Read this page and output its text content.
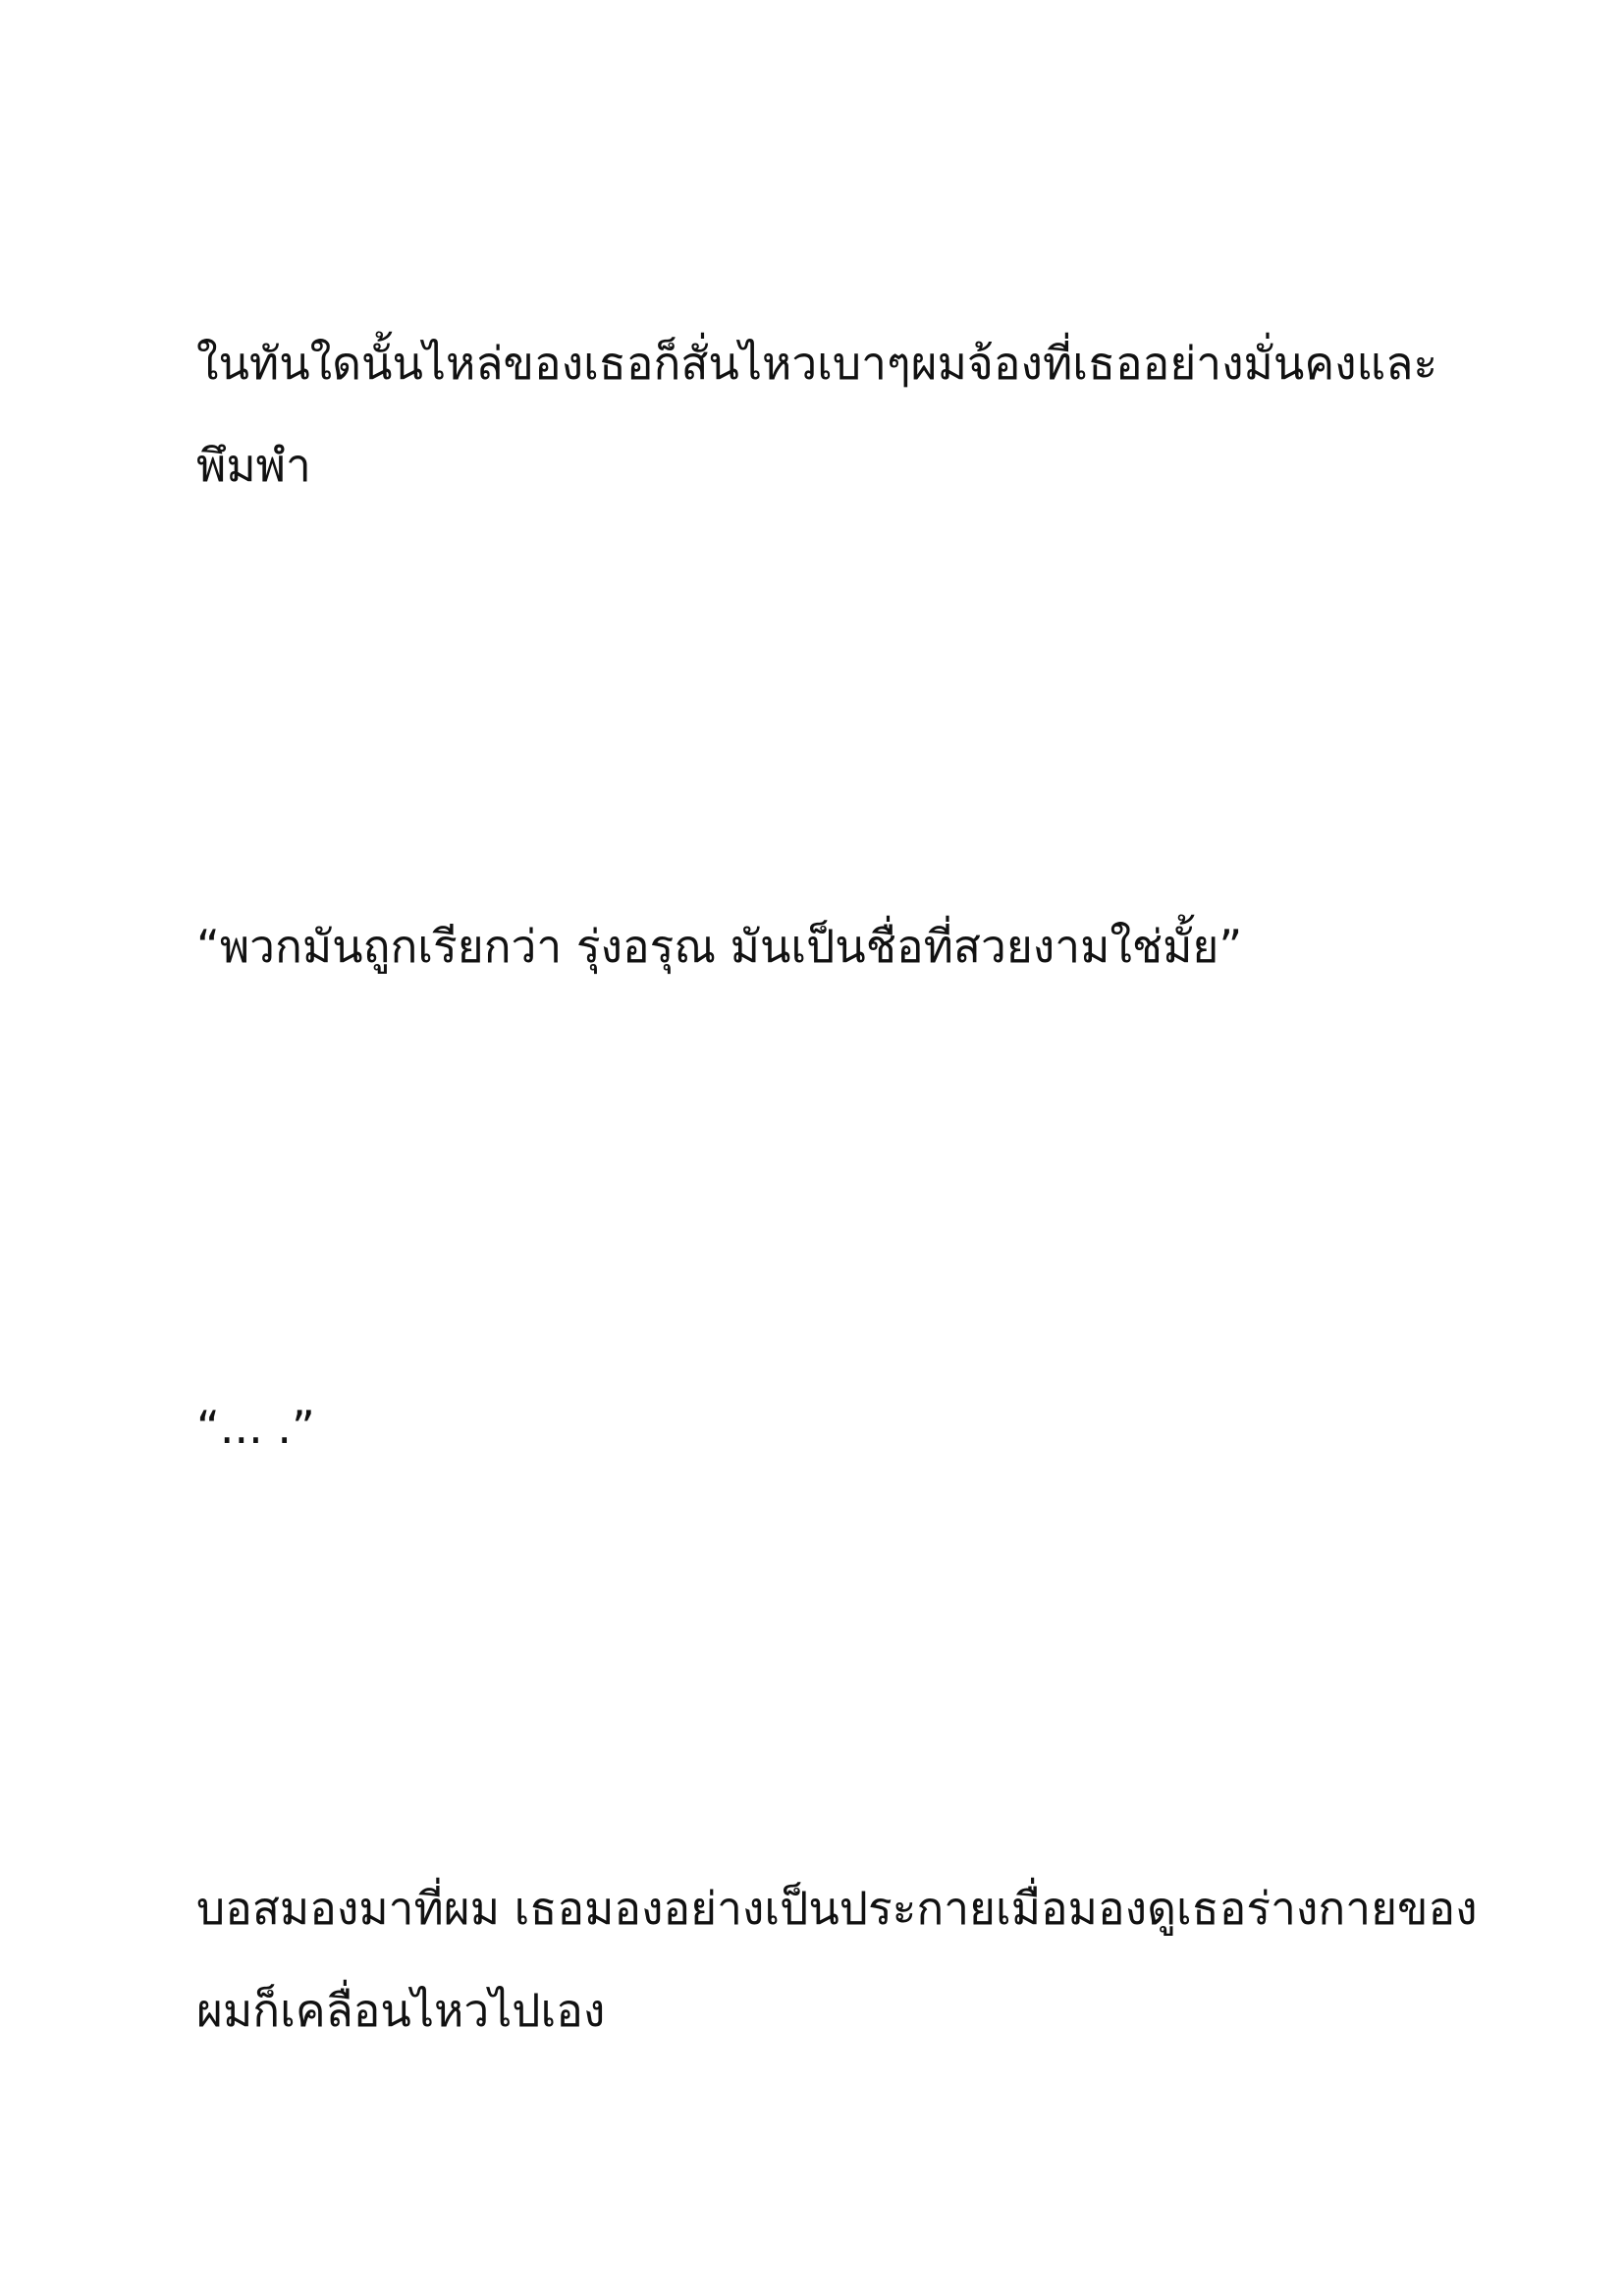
ในทันใดนั้นไหล่ของเธอก็สั่นไหวเบาๆผมจ้องที่เธออย่างมั่นคงและ
พึมพำ
“พวกมันถูกเรียกว่า รุ่งอรุณ มันเป็นชื่อที่สวยงามใช่มั้ย”
“... .”
บอสมองมาที่ผม เธอมองอย่างเป็นประกายเมื่อมองดูเธอร่างกายของ
ผมก็เคลื่อนไหวไปเอง
